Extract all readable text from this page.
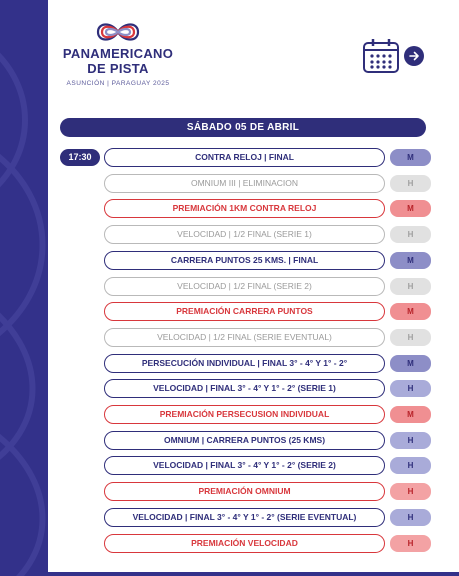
PANAMERICANO
DE PISTA
ASUNCIÓN | PARAGUAY 2025
SÁBADO 05 DE ABRIL
17:30	CONTRA RELOJ | FINAL	M
OMNIUM III | ELIMINACION	H
PREMIACIÓN 1KM CONTRA RELOJ	M
VELOCIDAD | 1/2 FINAL (SERIE 1)	H
CARRERA PUNTOS 25 KMS. | FINAL	M
VELOCIDAD | 1/2 FINAL (SERIE 2)	H
PREMIACIÓN CARRERA PUNTOS	M
VELOCIDAD | 1/2 FINAL (SERIE EVENTUAL)	H
PERSECUCIÓN INDIVIDUAL | FINAL 3° - 4° Y 1° - 2°	M
VELOCIDAD | FINAL 3° - 4° Y 1° - 2° (SERIE 1)	H
PREMIACIÓN PERSECUSION INDIVIDUAL	M
OMNIUM | CARRERA PUNTOS (25 KMS)	H
VELOCIDAD | FINAL 3° - 4° Y 1° - 2° (SERIE 2)	H
PREMIACIÓN OMNIUM	H
VELOCIDAD | FINAL 3° - 4° Y 1° - 2° (SERIE EVENTUAL)	H
PREMIACIÓN VELOCIDAD	H
